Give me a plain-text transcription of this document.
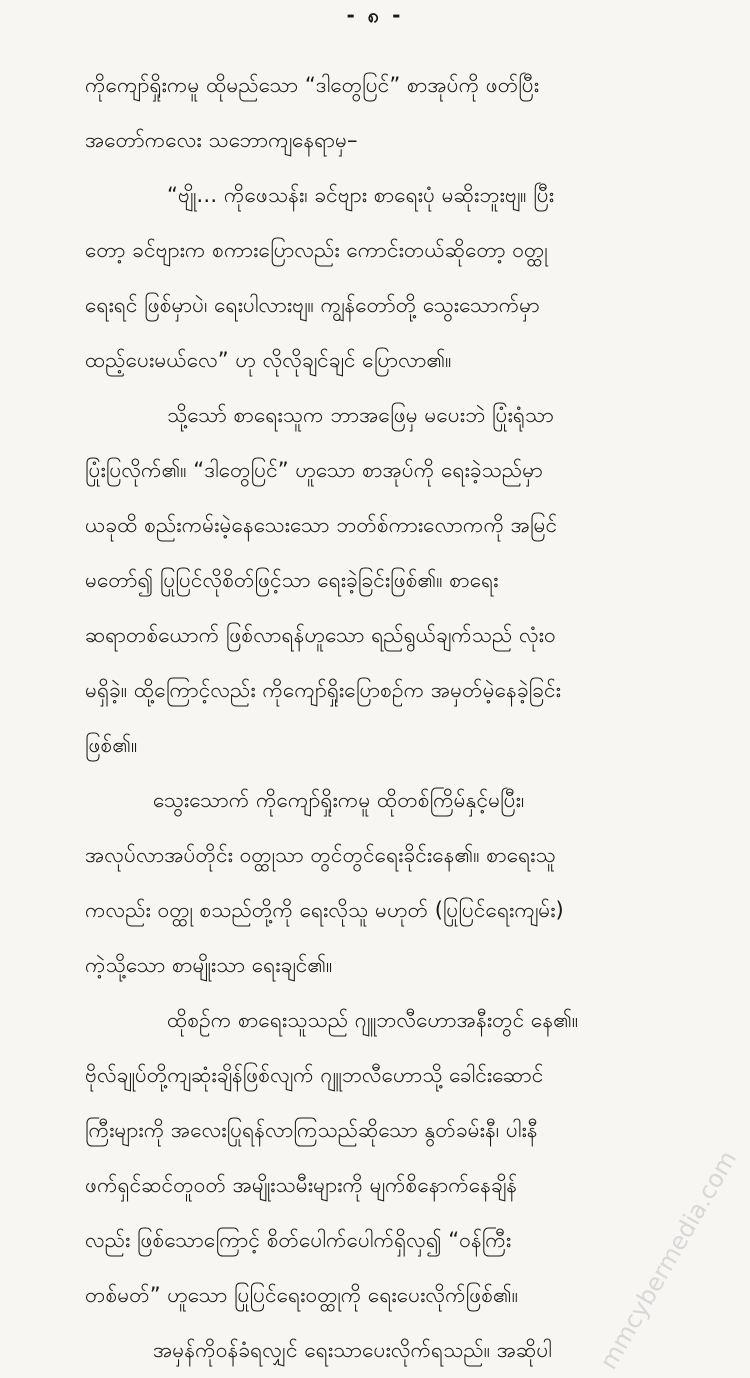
- ၈ -
ကိုကျော်ရှိုးကမူ ထိုမည်သော “ဒါတွေပြင်” စာအုပ်ကို ဖတ်ပြီး
အတော်ကလေး သဘောကျနေရာမှ–
“ဗျို… ကိုဖေသန်း၊ ခင်ဗျား စာရေးပုံ မဆိုးဘူးဗျ။ ပြီး
တော့ ခင်ဗျားက စကားပြောလည်း ကောင်းတယ်ဆိုတော့ ဝတ္ထု
ရေးရင် ဖြစ်မှာပဲ၊ ရေးပါလားဗျ။ ကျွန်တော်တို့ သွေးသောက်မှာ
ထည့်ပေးမယ်လေ” ဟု လိုလိုချင်ချင် ပြောလာ၏။
သို့သော် စာရေးသူက ဘာအဖြေမှ မပေးဘဲ ပြုံးရုံသာ
ပြုံးပြလိုက်၏။ “ဒါတွေပြင်” ဟူသော စာအုပ်ကို ရေးခဲ့သည်မှာ
ယခုထိ စည်းကမ်းမဲ့နေသေးသော ဘတ်စ်ကားလောကကို အမြင်
မတော်၍ ပြုပြင်လိုစိတ်ဖြင့်သာ ရေးခဲ့ခြင်းဖြစ်၏။ စာရေး
ဆရာတစ်ယောက် ဖြစ်လာရန်ဟူသော ရည်ရွယ်ချက်သည် လုံးဝ
မရှိခဲ့။ ထို့ကြောင့်လည်း ကိုကျော်ရှိုးပြောစဉ်က အမှတ်မဲ့နေခဲ့ခြင်း
ဖြစ်၏။
သွေးသောက် ကိုကျော်ရှိုးကမူ ထိုတစ်ကြိမ်နှင့်မပြီး၊
အလုပ်လာအပ်တိုင်း ဝတ္ထုသာ တွင်တွင်ရေးခိုင်းနေ၏။ စာရေးသူ
ကလည်း ဝတ္ထု စသည်တို့ကို ရေးလိုသူ မဟုတ် (ပြုပြင်ရေးကျမ်း)
ကဲ့သို့သော စာမျိုးသာ ရေးချင်၏။
ထိုစဉ်က စာရေးသူသည် ဂျူဘလီဟောအနီးတွင် နေ၏။
ဗိုလ်ချုပ်တို့ကျဆုံးချိန်ဖြစ်လျက် ဂျူဘလီဟောသို့ ခေါင်းဆောင်
ကြီးများကို အလေးပြုရန်လာကြသည်ဆိုသော နွတ်ခမ်းနီ၊ ပါးနီ
ဖက်ရှင်ဆင်တူဝတ် အမျိုးသမီးများကို မျက်စိနောက်နေချိန်
လည်း ဖြစ်သောကြောင့် စိတ်ပေါက်ပေါက်ရှိလှ၍ “ဝန်ကြီး
တစ်မတ်” ဟူသော ပြုပြင်ရေးဝတ္ထုကို ရေးပေးလိုက်ဖြစ်၏။
အမှန်ကိုဝန်ခံရလျှင် ရေးသာပေးလိုက်ရသည်။ အဆိုပါ	mmcybermedia.com
